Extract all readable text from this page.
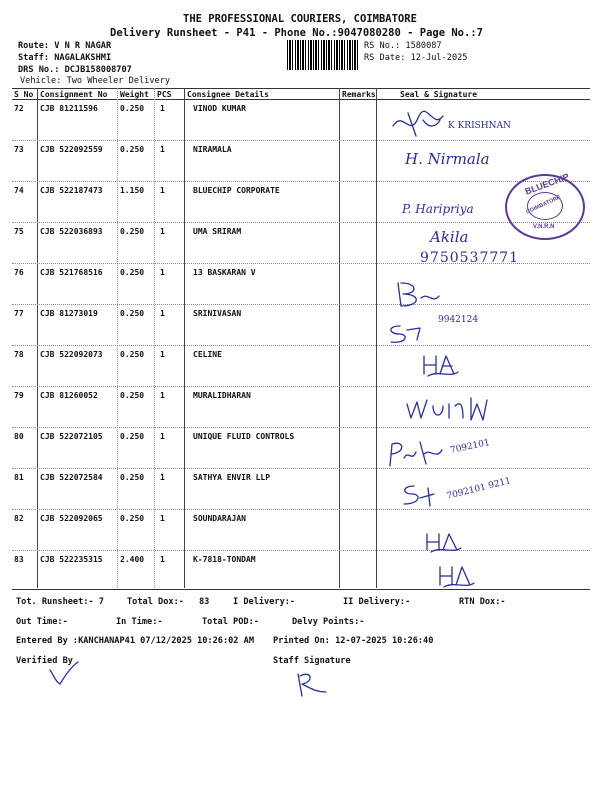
THE PROFESSIONAL COURIERS, COIMBATORE
Delivery Runsheet - P41 - Phone No.:9047080280 - Page No.:7
Route: V N R NAGAR
Staff: NAGALAKSHMI
DRS No.: DCJB158008707
Vehicle: Two Wheeler Delivery
RS No.: 1580087
RS Date: 12-Jul-2025
S No Consignment No Weight PCS Consignee Details	Remarks	Seal & Signature
72 CJB 81211596	0.250 1	VINOD KUMAR
73 CJB 522092559 0.250 1	NIRAMALA
74 CJB 522187473 1.150 1	BLUECHIP CORPORATE
75 CJB 522036893 0.250 1	UMA SRIRAM
76 CJB 521768516 0.250 1	13 BASKARAN V
77 CJB 81273019	0.250 1	SRINIVASAN
78 CJB 522092073 0.250 1	CELINE
79 CJB 81260052	0.250 1	MURALIDHARAN
80 CJB 522072105 0.250 1	UNIQUE FLUID CONTROLS
81 CJB 522072584 0.250 1	SATHYA ENVIR LLP
82 CJB 522092065 0.250 1	SOUNDARAJAN
83 CJB 522235315 2.400 1	K-7818-TONDAM
K KRISHNAN
H. Nirmala
P. Haripriya
Akila
9750537771
9942124
7092101
7092101 9211
BLUECHIP
COIMBATORE
V.N.R.N
Tot. Runsheet:- 7	Total Dox:- 83	I Delivery:-	II Delivery:-	RTN Dox:-
Out Time:-	In Time:-	Total POD:-	Delvy Points:-
Entered By :KANCHANAP41 07/12/2025 10:26:02 AM Printed On: 12-07-2025 10:26:40
Verified By	Staff Signature
